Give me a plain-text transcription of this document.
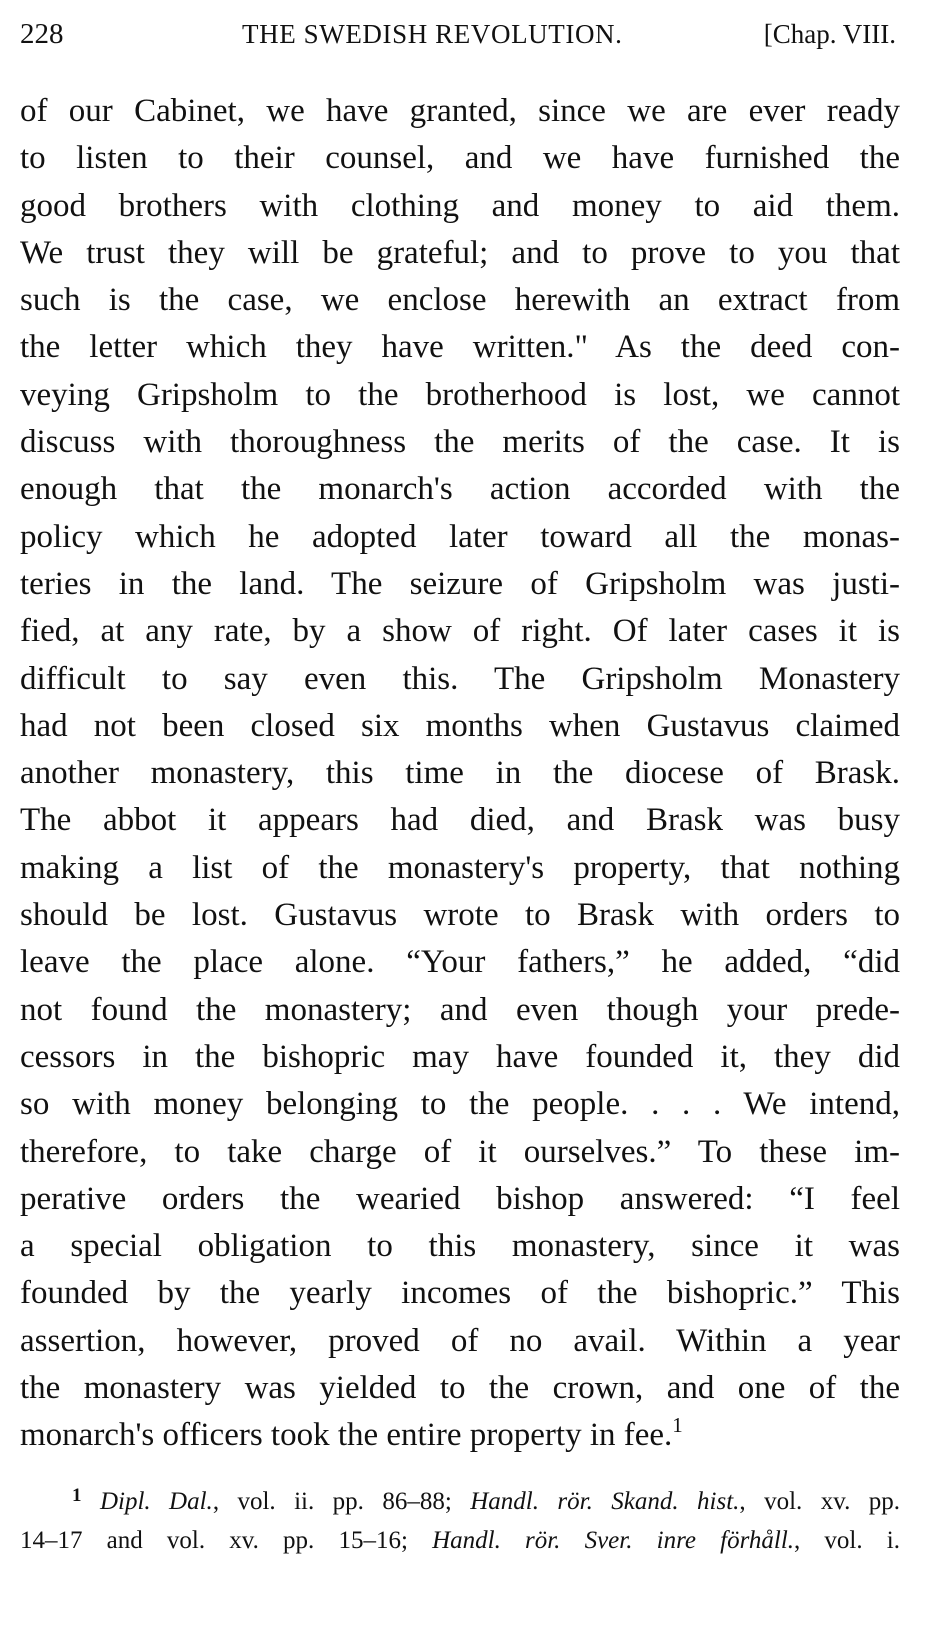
228	THE SWEDISH REVOLUTION.	[Chap. VIII.
of our Cabinet, we have granted, since we are ever ready
to listen to their counsel, and we have furnished the
good brothers with clothing and money to aid them.
We trust they will be grateful; and to prove to you that
such is the case, we enclose herewith an extract from
the letter which they have written." As the deed con-
veying Gripsholm to the brotherhood is lost, we cannot
discuss with thoroughness the merits of the case. It is
enough that the monarch's action accorded with the
policy which he adopted later toward all the monas-
teries in the land. The seizure of Gripsholm was justi-
fied, at any rate, by a show of right. Of later cases it is
difficult to say even this. The Gripsholm Monastery
had not been closed six months when Gustavus claimed
another monastery, this time in the diocese of Brask.
The abbot it appears had died, and Brask was busy
making a list of the monastery's property, that nothing
should be lost. Gustavus wrote to Brask with orders to
leave the place alone. “Your fathers,” he added, “did
not found the monastery; and even though your prede-
cessors in the bishopric may have founded it, they did
so with money belonging to the people. . . . We intend,
therefore, to take charge of it ourselves.” To these im-
perative orders the wearied bishop answered: “I feel
a special obligation to this monastery, since it was
founded by the yearly incomes of the bishopric.” This
assertion, however, proved of no avail. Within a year
the monastery was yielded to the crown, and one of the
monarch's officers took the entire property in fee.$^1$
$^1$ Dipl. Dal., vol. ii. pp. 86–88; Handl. rör. Skand. hist., vol. xv. pp.
14–17 and vol. xv. pp. 15–16; Handl. rör. Sver. inre förhåll., vol. i.
